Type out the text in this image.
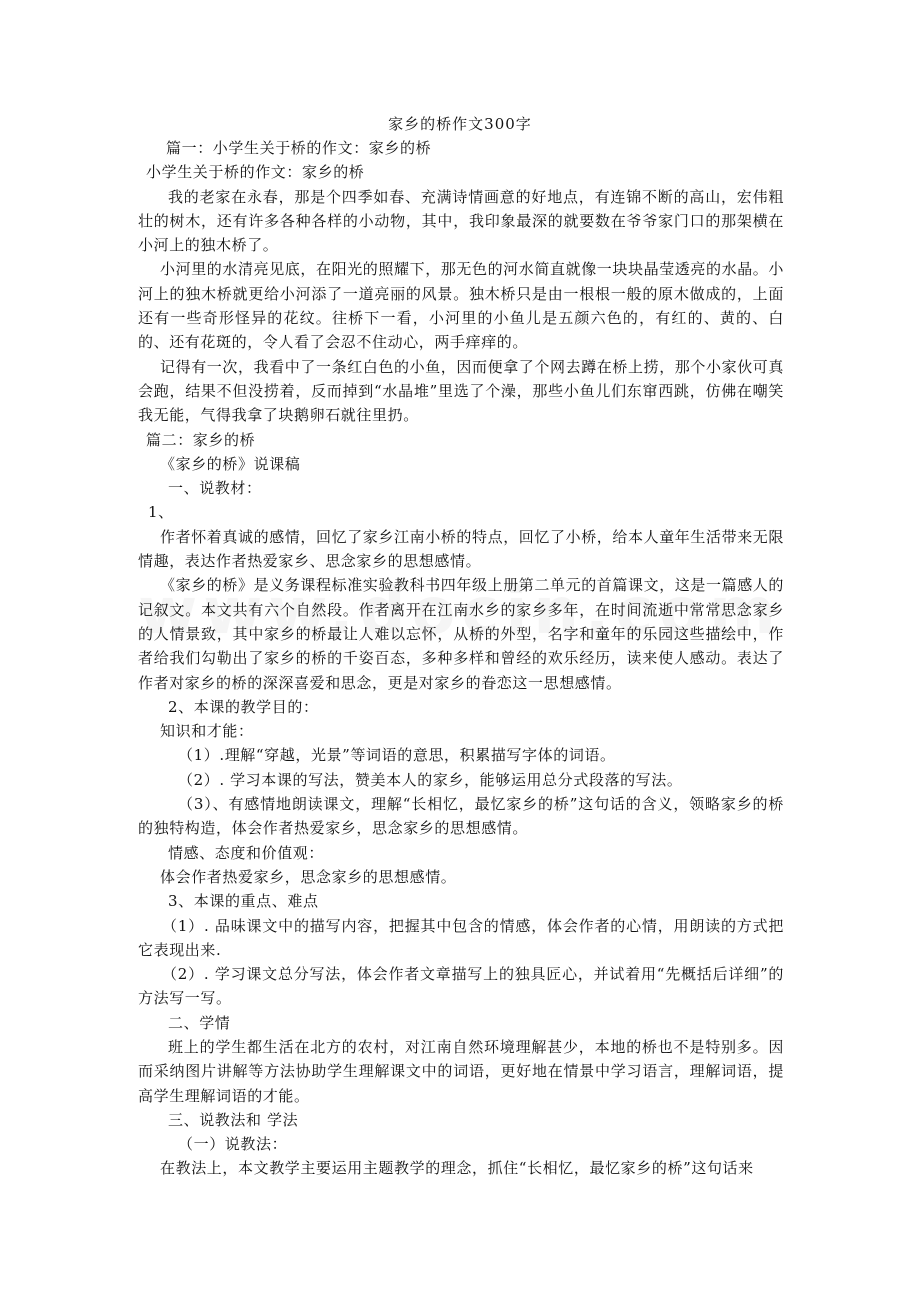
家乡的桥作文300字

篇一：小学生关于桥的作文：家乡的桥

小学生关于桥的作文：家乡的桥

我的老家在永春，那是个四季如春、充满诗情画意的好地点，有连锦不断的高山，宏伟粗壮的树木，还有许多各种各样的小动物，其中，我印象最深的就要数在爷爷家门口的那架横在小河上的独木桥了。

小河里的水清亮见底，在阳光的照耀下，那无色的河水简直就像一块块晶莹透亮的水晶。小河上的独木桥就更给小河添了一道亮丽的风景。独木桥只是由一根根一般的原木做成的，上面还有一些奇形怪异的花纹。往桥下一看，小河里的小鱼儿是五颜六色的，有红的、黄的、白的、还有花斑的，令人看了会忍不住动心，两手痒痒的。

记得有一次，我看中了一条红白色的小鱼，因而便拿了个网去蹲在桥上捞，那个小家伙可真会跑，结果不但没捞着，反而掉到“水晶堆”里选了个澡，那些小鱼儿们东窜西跳，仿佛在嘲笑我无能，气得我拿了块鹅卵石就往里扔。

篇二：家乡的桥

《家乡的桥》说课稿

一、说教材：

1、

作者怀着真诚的感情，回忆了家乡江南小桥的特点，回忆了小桥，给本人童年生活带来无限情趣，表达作者热爱家乡、思念家乡的思想感情。

《家乡的桥》是义务课程标准实验教科书四年级上册第二单元的首篇课文，这是一篇感人的记叙文。本文共有六个自然段。作者离开在江南水乡的家乡多年，在时间流逝中常常思念家乡的人情景致，其中家乡的桥最让人难以忘怀，从桥的外型，名字和童年的乐园这些描绘中，作者给我们勾勒出了家乡的桥的千姿百态，多种多样和曾经的欢乐经历，读来使人感动。表达了作者对家乡的桥的深深喜爱和思念，更是对家乡的眷恋这一思想感情。

2、本课的教学目的：

知识和才能：

（1）.理解“穿越，光景”等词语的意思，积累描写字体的词语。

（2）. 学习本课的写法，赞美本人的家乡，能够运用总分式段落的写法。

（3）、有感情地朗读课文，理解“长相忆，最忆家乡的桥”这句话的含义，领略家乡的桥的独特构造，体会作者热爱家乡，思念家乡的思想感情。

情感、态度和价值观：

体会作者热爱家乡，思念家乡的思想感情。

3、本课的重点、难点

（1）. 品味课文中的描写内容，把握其中包含的情感，体会作者的心情，用朗读的方式把它表现出来.

（2）. 学习课文总分写法，体会作者文章描写上的独具匠心，并试着用“先概括后详细”的方法写一写。

二、学情

班上的学生都生活在北方的农村，对江南自然环境理解甚少，本地的桥也不是特别多。因而采纳图片讲解等方法协助学生理解课文中的词语，更好地在情景中学习语言，理解词语，提高学生理解词语的才能。

三、说教法和 学法

（一）说教法：

在教法上，本文教学主要运用主题教学的理念，抓住“长相忆，最忆家乡的桥”这句话来
